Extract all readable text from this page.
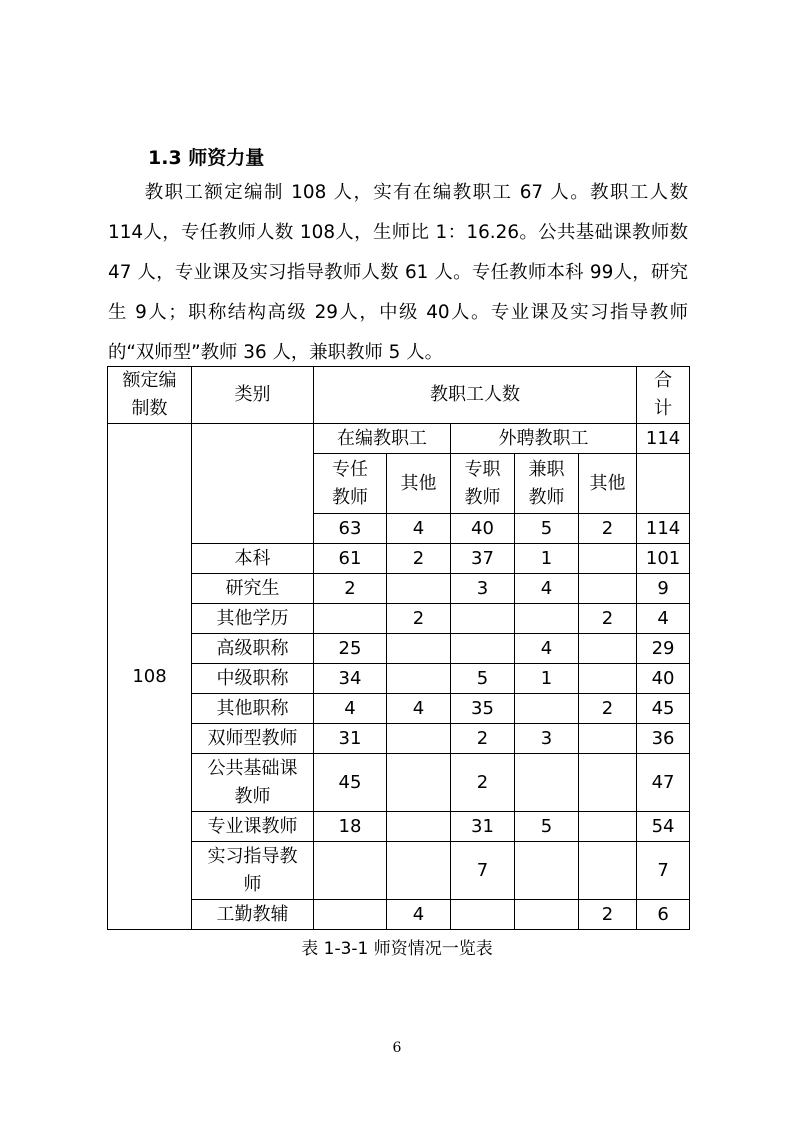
1.3 师资力量

教职工额定编制 108 人，实有在编教职工 67 人。教职工人数 114人，专任教师人数 108人，生师比 1：16.26。公共基础课教师数 47 人，专业课及实习指导教师人数 61 人。专任教师本科 99人，研究生 9人；职称结构高级 29人，中级 40人。专业课及实习指导教师的“双师型”教师 36 人，兼职教师 5 人。

额定编制数	类别	教职工人数					合计
108		在编教职工		外聘教职工			114
		专任教师	其他	专职教师	兼职教师	其他	
		63	4	40	5	2	114
	本科	61	2	37	1		101
	研究生	2		3	4		9
	其他学历		2			2	4
	高级职称	25			4		29
	中级职称	34		5	1		40
	其他职称	4	4	35		2	45
	双师型教师	31		2	3		36
	公共基础课教师	45		2			47
	专业课教师	18		31	5		54
	实习指导教师			7			7
	工勤教辅		4			2	6
表 1-3-1 师资情况一览表
6
